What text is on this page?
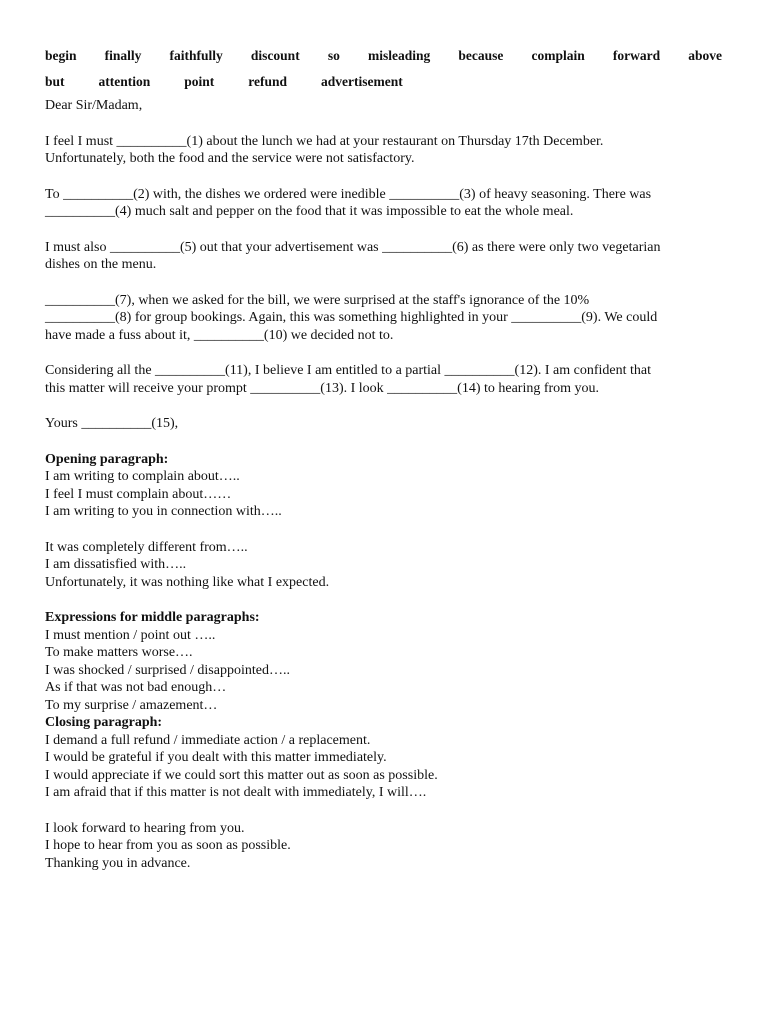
begin finally faithfully discount so misleading because complain forward above
but	attention	point	refund	advertisement

Dear Sir/Madam,

I feel I must __________(1) about the lunch we had at your restaurant on Thursday 17th December.
Unfortunately, both the food and the service were not satisfactory.
To __________(2) with, the dishes we ordered were inedible __________(3) of heavy seasoning. There was
__________(4) much salt and pepper on the food that it was impossible to eat the whole meal.
I must also __________(5) out that your advertisement was __________(6) as there were only two vegetarian
dishes on the menu.
__________(7), when we asked for the bill, we were surprised at the staff's ignorance of the 10%
__________(8) for group bookings. Again, this was something highlighted in your __________(9). We could
have made a fuss about it, __________(10) we decided not to.
Considering all the __________(11), I believe I am entitled to a partial __________(12). I am confident that
this matter will receive your prompt __________(13). I look __________(14) to hearing from you.

Yours __________(15),

Opening paragraph:

I am writing to complain about…..
I feel I must complain about……
I am writing to you in connection with…..
It was completely different from…..
I am dissatisfied with…..
Unfortunately, it was nothing like what I expected.

Expressions for middle paragraphs:

I must mention / point out …..
To make matters worse….
I was shocked / surprised / disappointed…..
As if that was not bad enough…
To my surprise / amazement…

Closing paragraph:

I demand a full refund / immediate action / a replacement.
I would be grateful if you dealt with this matter immediately.
I would appreciate if we could sort this matter out as soon as possible.
I am afraid that if this matter is not dealt with immediately, I will….
I look forward to hearing from you.
I hope to hear from you as soon as possible.
Thanking you in advance.
